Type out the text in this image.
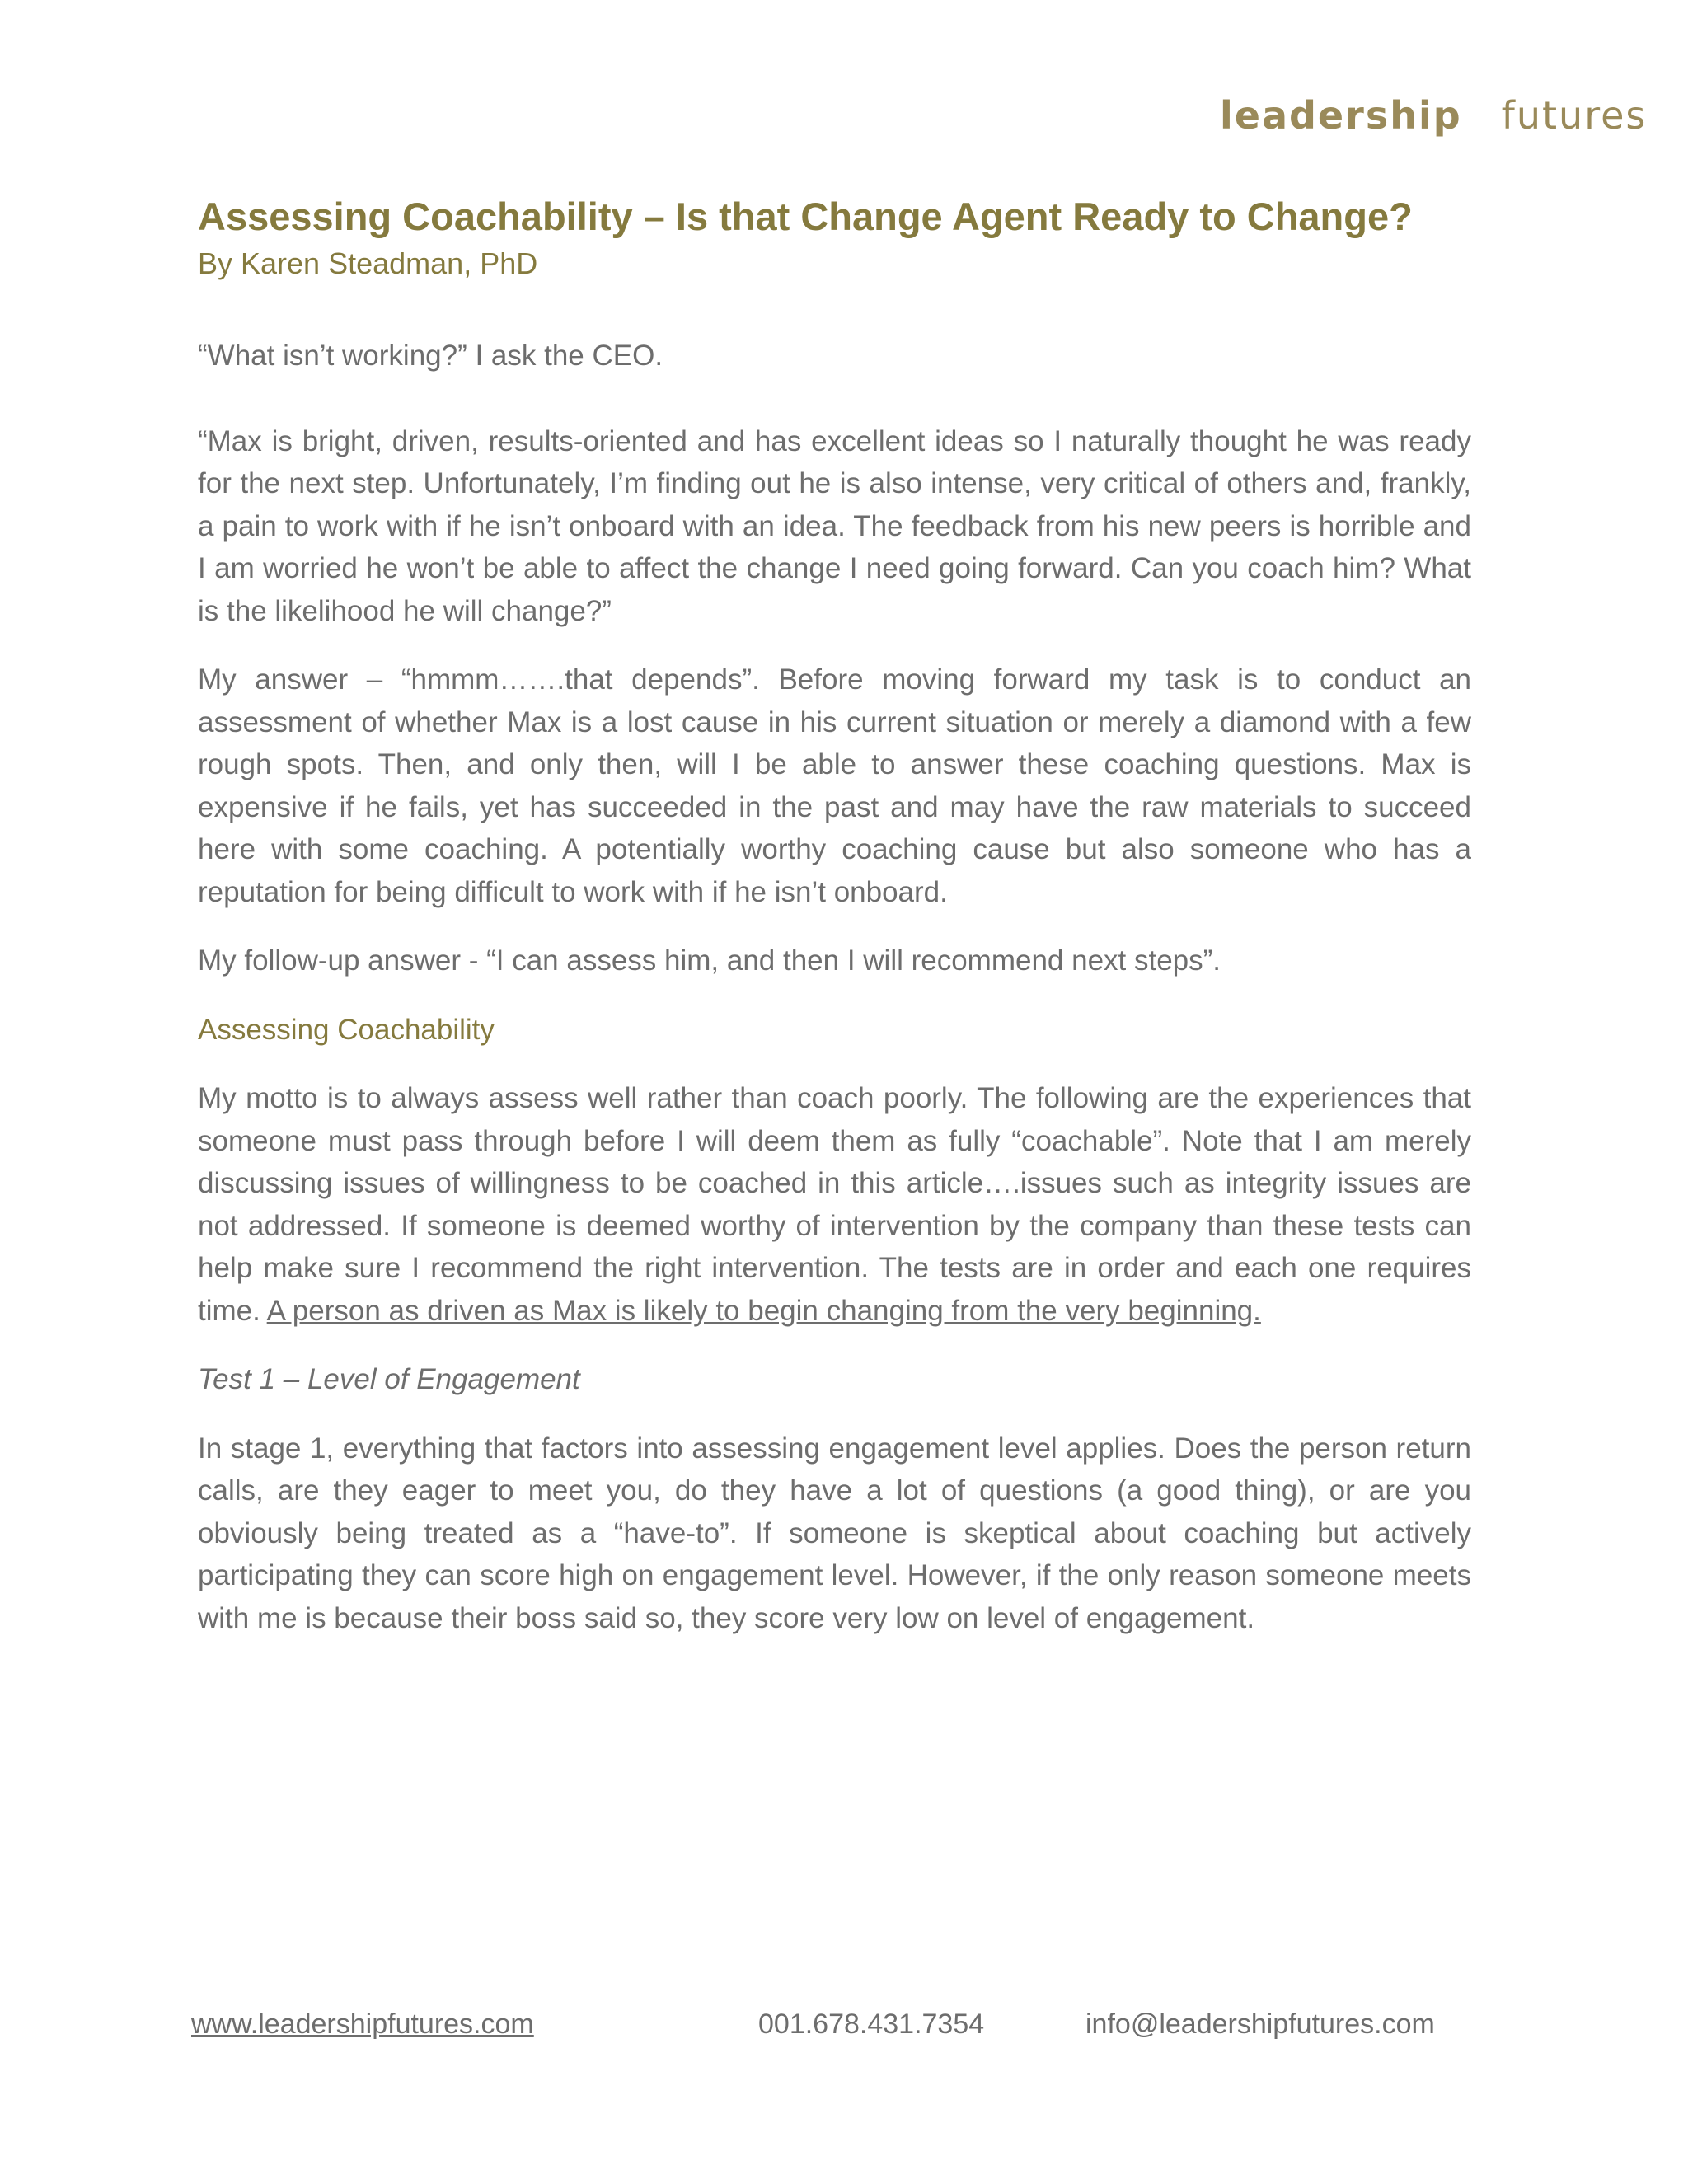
leadership	futures
Assessing Coachability – Is that Change Agent Ready to Change?

By Karen Steadman, PhD

“What isn’t working?” I ask the CEO.

“Max is bright, driven, results-oriented and has excellent ideas so I naturally thought he was ready for the next step. Unfortunately, I’m finding out he is also intense, very critical of others and, frankly, a pain to work with if he isn’t onboard with an idea. The feedback from his new peers is horrible and I am worried he won’t be able to affect the change I need going forward. Can you coach him? What is the likelihood he will change?”

My answer – “hmmm…….that depends”. Before moving forward my task is to conduct an assessment of whether Max is a lost cause in his current situation or merely a diamond with a few rough spots. Then, and only then, will I be able to answer these coaching questions. Max is expensive if he fails, yet has succeeded in the past and may have the raw materials to succeed here with some coaching. A potentially worthy coaching cause but also someone who has a reputation for being difficult to work with if he isn’t onboard.

My follow-up answer - “I can assess him, and then I will recommend next steps”.

Assessing Coachability

My motto is to always assess well rather than coach poorly. The following are the experiences that someone must pass through before I will deem them as fully “coachable”. Note that I am merely discussing issues of willingness to be coached in this article….issues such as integrity issues are not addressed. If someone is deemed worthy of intervention by the company than these tests can help make sure I recommend the right intervention. The tests are in order and each one requires time. A person as driven as Max is likely to begin changing from the very beginning.

Test 1 – Level of Engagement

In stage 1, everything that factors into assessing engagement level applies. Does the person return calls, are they eager to meet you, do they have a lot of questions (a good thing), or are you obviously being treated as a “have-to”. If someone is skeptical about coaching but actively participating they can score high on engagement level. However, if the only reason someone meets with me is because their boss said so, they score very low on level of engagement.

www.leadershipfutures.com	001.678.431.7354	info@leadershipfutures.com
